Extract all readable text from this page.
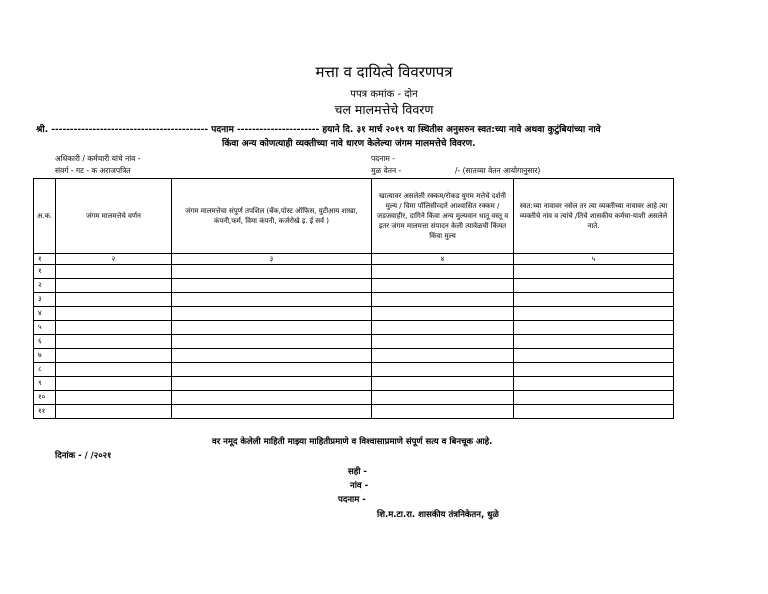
मत्ता व दायित्वे विवरणपत्र
पपत्र कमांक - दोन
चल मालमत्तेचे विवरण
श्री. ------------------------------------------ पदनाम ---------------------- हयाने दि. ३१ मार्च २०१९ या स्थितीस अनुसरुन स्वत:च्या नावे अथवा कुटुंबियांच्या नावे
किंवा अन्य कोणत्याही व्यक्तीच्या नावे धारण केलेल्या जंगम मालमत्तेचे विवरण.
अधिकारी / कर्मचारी यांचे नांव -
संवर्ग - गट - क अराजपत्रित
पदनाम -
मुळ वेतन -	/- (सातव्या वेतन आयोगानुसार)
अ.क.	जंगम मालमत्तेचे वर्णन	जंगम मालमत्तेचा संपूर्ण तपशिल (बँक,पोस्ट ऑफिस, युटीआय शाखा, कंपनी,फर्म, विमा कंपनी, कर्जरोखे इ. ई सर्व )	खात्यावर असलेली रक्कम/रोकड युगम मत्तेचे दर्शनी मुल्य / विमा पॉलिसीव्दारे आश्वासित रक्कम /जडजवाहीर, दागिने किंवा अन्य मुल्यवान धातू वस्तू व इतर जंगम मालमत्ता संपादन केली त्यावेळची किंमत किंवा मुल्य	स्वत:च्या नावावर नसेल तर त्या व्यक्तीच्या नावावर आहे त्या व्यक्तीचे नांव व त्यांचे /तिचे शासकीय कर्मचा-याशी असलेले नाते.
१	२	३	४	५
१				
२				
३				
४				
५				
६				
७				
८				
९				
१०				
११				
वर नमूद केलेली माहिती माझ्या माहितीप्रमाणे व विश्वासाप्रमाणे संपूर्ण सत्य व बिनचूक आहे.
दिनांक - / /२०२१
सही -
नांव -
पदनाम -
शि.म.टा.रा. शासकीय तंत्रनिकेतन, धुळे
